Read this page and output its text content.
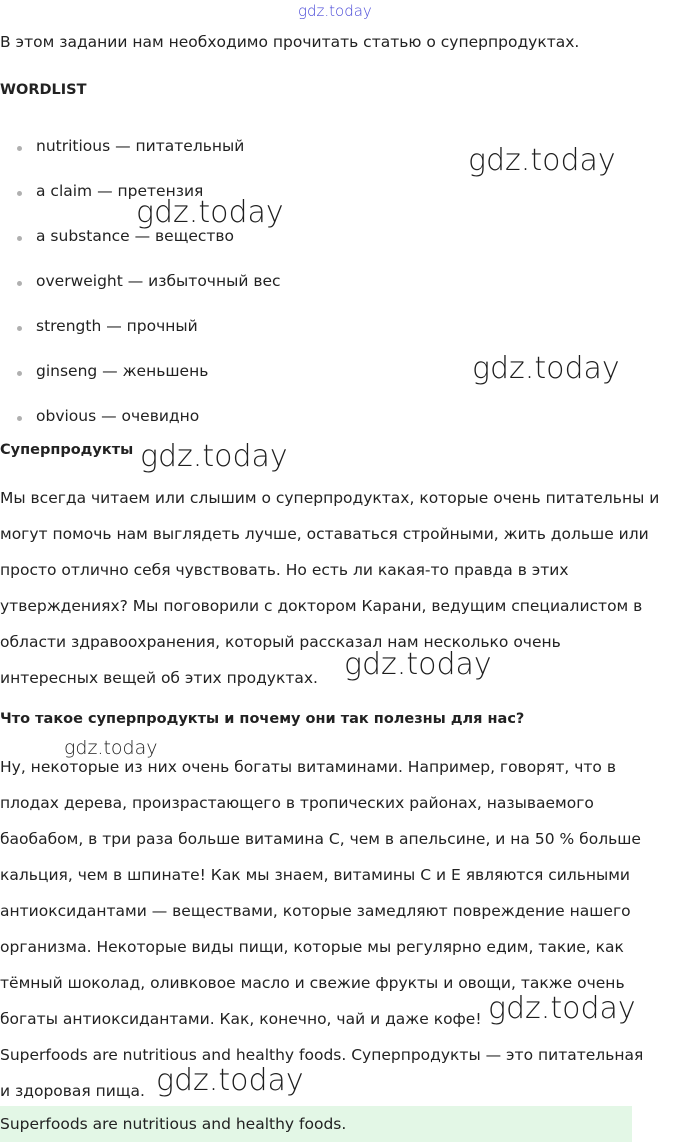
gdz.today
В этом задании нам необходимо прочитать статью о суперпродуктах.
WORDLIST
nutritious — питательный
a claim — претензия
a substance — вещество
overweight — избыточный вес
strength — прочный
ginseng — женьшень
obvious — очевидно
Суперпродукты
Мы всегда читаем или слышим о суперпродуктах, которые очень питательны и
могут помочь нам выглядеть лучше, оставаться стройными, жить дольше или
просто отлично себя чувствовать. Но есть ли какая-то правда в этих
утверждениях? Мы поговорили с доктором Карани, ведущим специалистом в
области здравоохранения, который рассказал нам несколько очень
интересных вещей об этих продуктах.
Что такое суперпродукты и почему они так полезны для нас?
Ну, некоторые из них очень богаты витаминами. Например, говорят, что в
плодах дерева, произрастающего в тропических районах, называемого
баобабом, в три раза больше витамина С, чем в апельсине, и на 50 % больше
кальция, чем в шпинате! Как мы знаем, витамины С и Е являются сильными
антиоксидантами — веществами, которые замедляют повреждение нашего
организма. Некоторые виды пищи, которые мы регулярно едим, такие, как
тёмный шоколад, оливковое масло и свежие фрукты и овощи, также очень
богаты антиоксидантами. Как, конечно, чай и даже кофе!
Superfoods are nutritious and healthy foods. Суперпродукты — это питательная
и здоровая пища.
Superfoods are nutritious and healthy foods.
gdz.today
gdz.today
gdz.today
gdz.today
gdz.today
gdz.today
gdz.today
gdz.today
